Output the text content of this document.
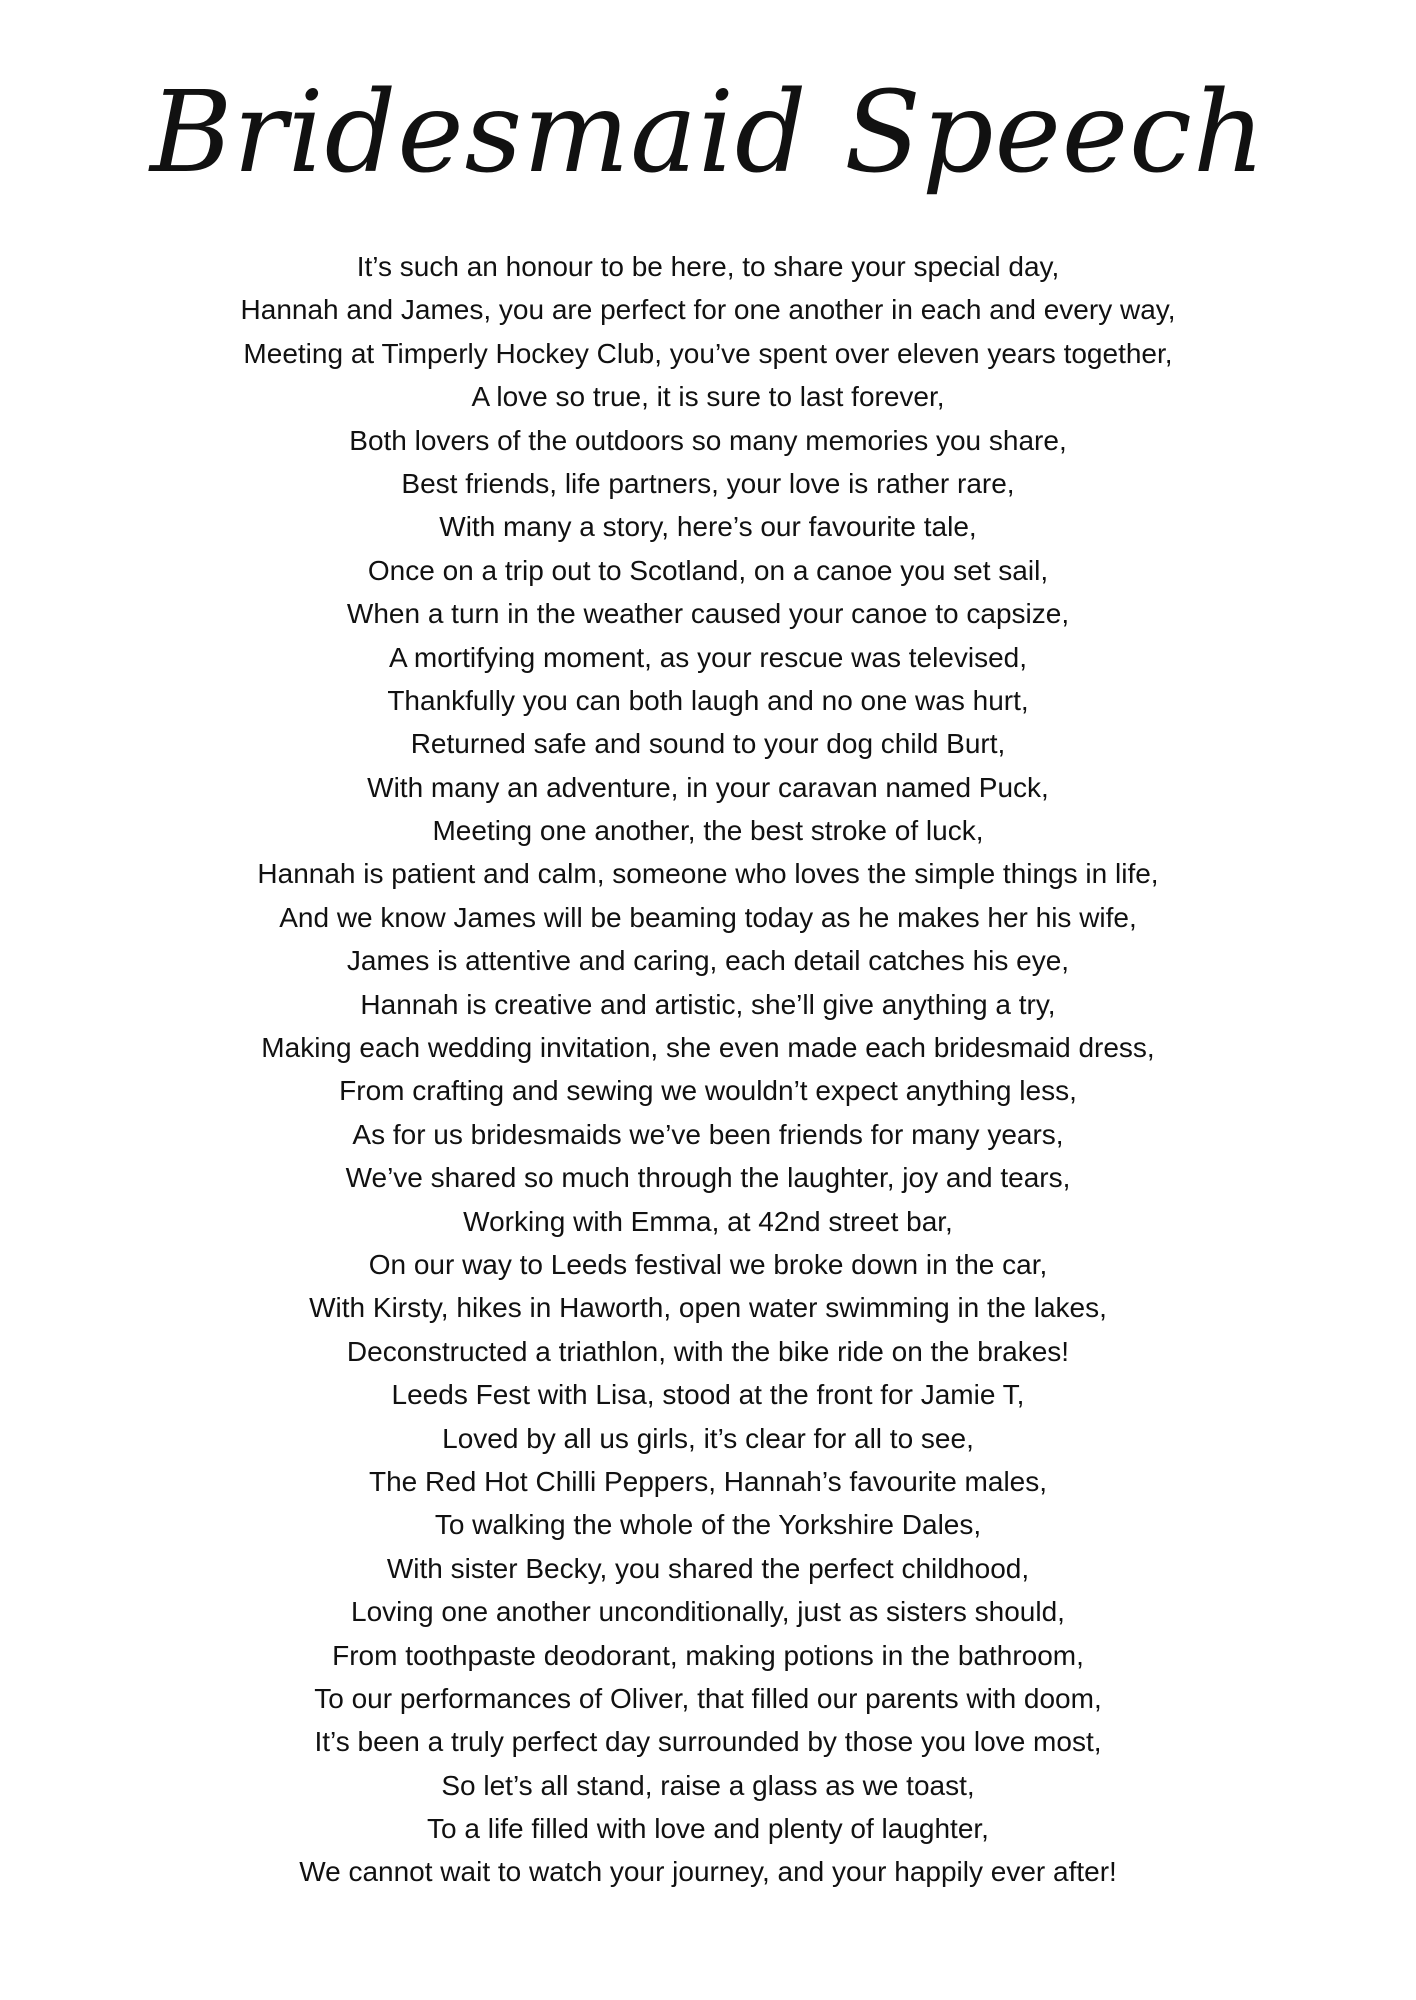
Bridesmaid Speech
It’s such an honour to be here, to share your special day,
Hannah and James, you are perfect for one another in each and every way,
Meeting at Timperly Hockey Club, you’ve spent over eleven years together,
A love so true, it is sure to last forever,
Both lovers of the outdoors so many memories you share,
Best friends, life partners, your love is rather rare,
With many a story, here’s our favourite tale,
Once on a trip out to Scotland, on a canoe you set sail,
When a turn in the weather caused your canoe to capsize,
A mortifying moment, as your rescue was televised,
Thankfully you can both laugh and no one was hurt,
Returned safe and sound to your dog child Burt,
With many an adventure, in your caravan named Puck,
Meeting one another, the best stroke of luck,
Hannah is patient and calm, someone who loves the simple things in life,
And we know James will be beaming today as he makes her his wife,
James is attentive and caring, each detail catches his eye,
Hannah is creative and artistic, she’ll give anything a try,
Making each wedding invitation, she even made each bridesmaid dress,
From crafting and sewing we wouldn’t expect anything less,
As for us bridesmaids we’ve been friends for many years,
We’ve shared so much through the laughter, joy and tears,
Working with Emma, at 42nd street bar,
On our way to Leeds festival we broke down in the car,
With Kirsty, hikes in Haworth, open water swimming in the lakes,
Deconstructed a triathlon, with the bike ride on the brakes!
Leeds Fest with Lisa, stood at the front for Jamie T,
Loved by all us girls, it’s clear for all to see,
The Red Hot Chilli Peppers, Hannah’s favourite males,
To walking the whole of the Yorkshire Dales,
With sister Becky, you shared the perfect childhood,
Loving one another unconditionally, just as sisters should,
From toothpaste deodorant, making potions in the bathroom,
To our performances of Oliver, that filled our parents with doom,
It’s been a truly perfect day surrounded by those you love most,
So let’s all stand, raise a glass as we toast,
To a life filled with love and plenty of laughter,
We cannot wait to watch your journey, and your happily ever after!
